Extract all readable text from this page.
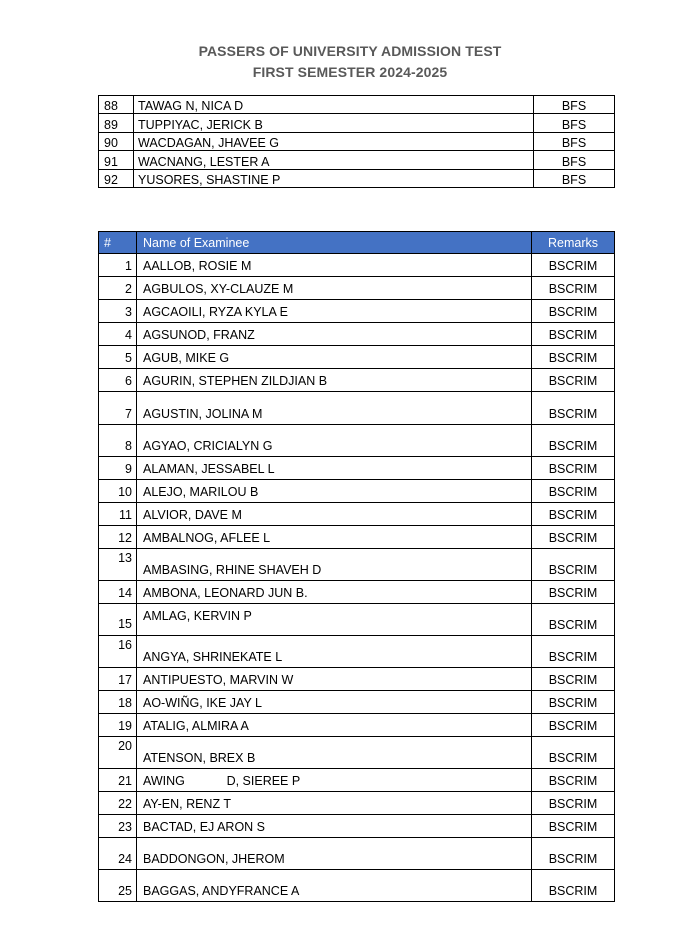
PASSERS OF UNIVERSITY ADMISSION TEST
FIRST SEMESTER 2024-2025
88	TAWAG N, NICA D	BFS
89	TUPPIYAC, JERICK B	BFS
90	WACDAGAN, JHAVEE G	BFS
91	WACNANG, LESTER A	BFS
92	YUSORES, SHASTINE P	BFS
#	Name of Examinee	Remarks
1	AALLOB, ROSIE M	BSCRIM
2	AGBULOS, XY-CLAUZE M	BSCRIM
3	AGCAOILI, RYZA KYLA E	BSCRIM
4	AGSUNOD, FRANZ	BSCRIM
5	AGUB, MIKE G	BSCRIM
6	AGURIN, STEPHEN ZILDJIAN B	BSCRIM
7	AGUSTIN, JOLINA M	BSCRIM
8	AGYAO, CRICIALYN G	BSCRIM
9	ALAMAN, JESSABEL L	BSCRIM
10	ALEJO, MARILOU B	BSCRIM
11	ALVIOR, DAVE M	BSCRIM
12	AMBALNOG, AFLEE L	BSCRIM
13	AMBASING, RHINE SHAVEH D	BSCRIM
14	AMBONA, LEONARD JUN B.	BSCRIM
15	AMLAG, KERVIN P	BSCRIM
16	ANGYA, SHRINEKATE L	BSCRIM
17	ANTIPUESTO, MARVIN W	BSCRIM
18	AO-WIÑG, IKE JAY L	BSCRIM
19	ATALIG, ALMIRA A	BSCRIM
20	ATENSON, BREX B	BSCRIM
21	AWING            D, SIEREE P	BSCRIM
22	AY-EN, RENZ T	BSCRIM
23	BACTAD, EJ ARON S	BSCRIM
24	BADDONGON, JHEROM	BSCRIM
25	BAGGAS, ANDYFRANCE A	BSCRIM
